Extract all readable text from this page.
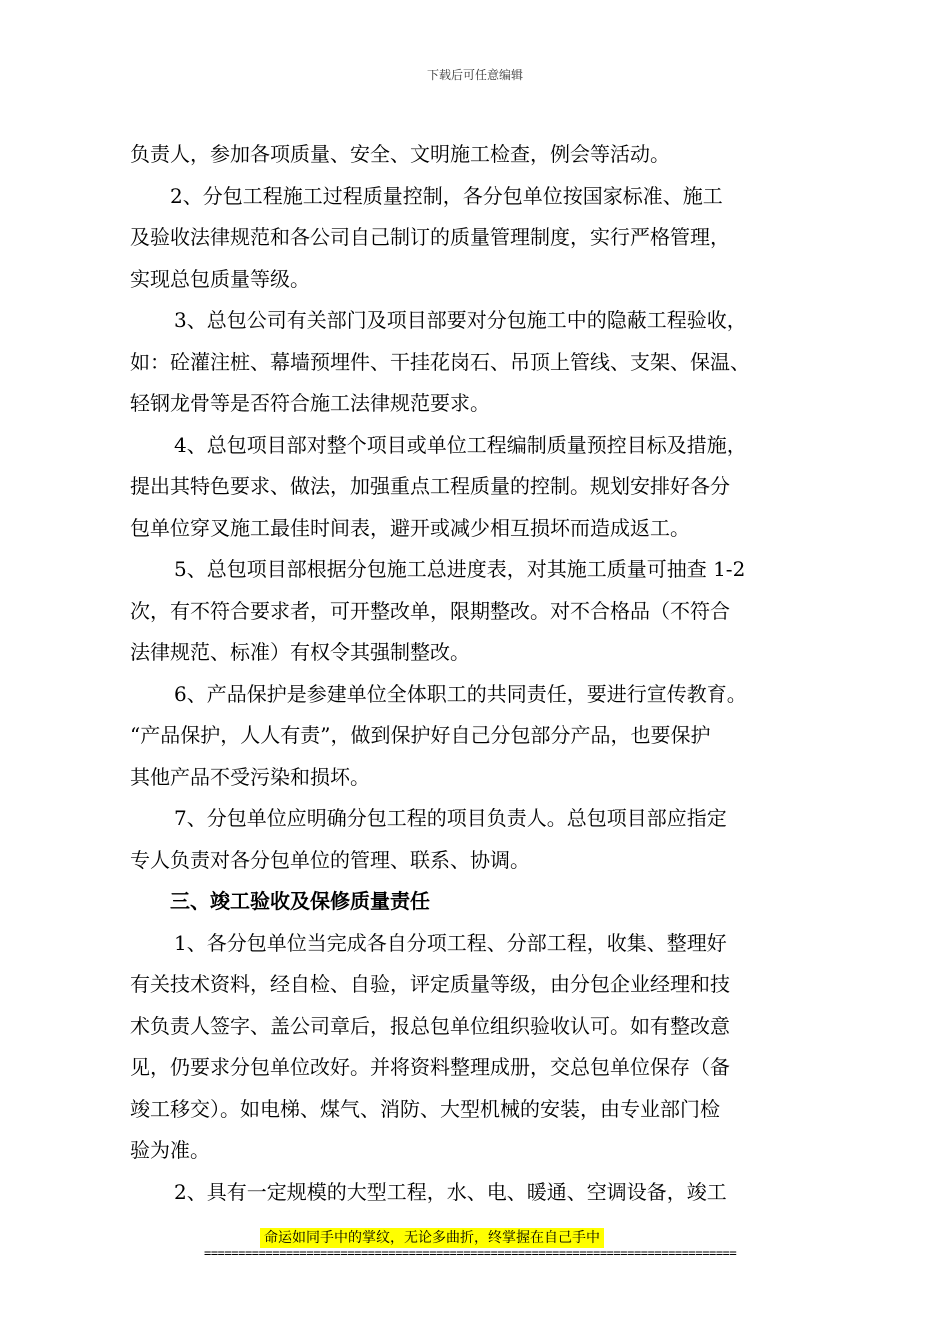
下载后可任意编辑
负责人，参加各项质量、安全、文明施工检查，例会等活动。
2、分包工程施工过程质量控制，各分包单位按国家标准、施工
及验收法律规范和各公司自己制订的质量管理制度，实行严格管理，
实现总包质量等级。
3、总包公司有关部门及项目部要对分包施工中的隐蔽工程验收，
如：砼灌注桩、幕墙预埋件、干挂花岗石、吊顶上管线、支架、保温、
轻钢龙骨等是否符合施工法律规范要求。
4、总包项目部对整个项目或单位工程编制质量预控目标及措施，
提出其特色要求、做法，加强重点工程质量的控制。规划安排好各分
包单位穿叉施工最佳时间表，避开或减少相互损坏而造成返工。
5、总包项目部根据分包施工总进度表，对其施工质量可抽查 1-2
次，有不符合要求者，可开整改单，限期整改。对不合格品（不符合
法律规范、标准）有权令其强制整改。
6、产品保护是参建单位全体职工的共同责任，要进行宣传教育。
“产品保护，人人有责”，做到保护好自己分包部分产品，也要保护
其他产品不受污染和损坏。
7、分包单位应明确分包工程的项目负责人。总包项目部应指定
专人负责对各分包单位的管理、联系、协调。
三、竣工验收及保修质量责任
1、各分包单位当完成各自分项工程、分部工程，收集、整理好
有关技术资料，经自检、自验，评定质量等级，由分包企业经理和技
术负责人签字、盖公司章后，报总包单位组织验收认可。如有整改意
见，仍要求分包单位改好。并将资料整理成册，交总包单位保存（备
竣工移交）。如电梯、煤气、消防、大型机械的安装，由专业部门检
验为准。
2、具有一定规模的大型工程，水、电、暖通、空调设备，竣工
命运如同手中的掌纹，无论多曲折，终掌握在自己手中
==============================================================================
